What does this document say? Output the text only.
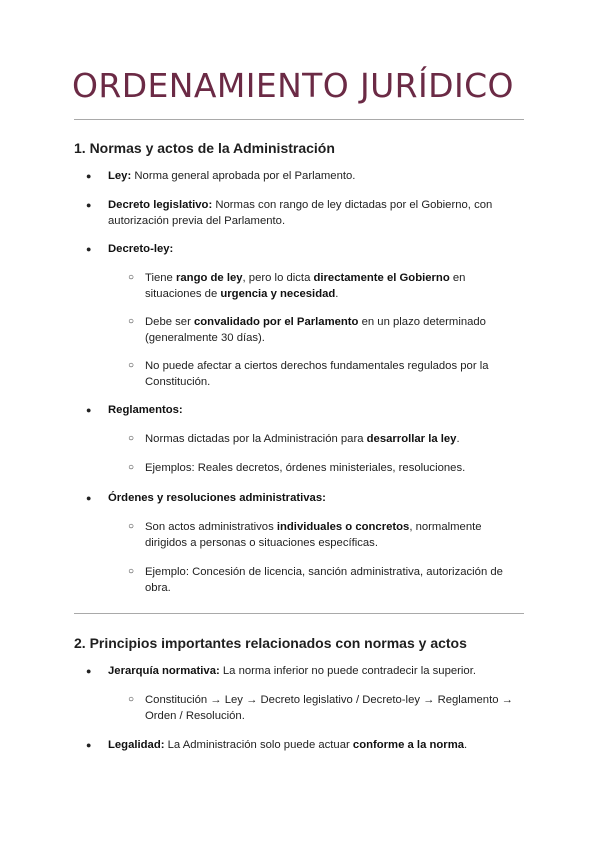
ORDENAMIENTO JURÍDICO
1. Normas y actos de la Administración
● Ley: Norma general aprobada por el Parlamento.
● Decreto legislativo: Normas con rango de ley dictadas por el Gobierno, con autorización previa del Parlamento.
● Decreto-ley:
○ Tiene rango de ley, pero lo dicta directamente el Gobierno en situaciones de urgencia y necesidad.
○ Debe ser convalidado por el Parlamento en un plazo determinado (generalmente 30 días).
○ No puede afectar a ciertos derechos fundamentales regulados por la Constitución.
● Reglamentos:
○ Normas dictadas por la Administración para desarrollar la ley.
○ Ejemplos: Reales decretos, órdenes ministeriales, resoluciones.
● Órdenes y resoluciones administrativas:
○ Son actos administrativos individuales o concretos, normalmente dirigidos a personas o situaciones específicas.
○ Ejemplo: Concesión de licencia, sanción administrativa, autorización de obra.
2. Principios importantes relacionados con normas y actos
● Jerarquía normativa: La norma inferior no puede contradecir la superior.
○ Constitución → Ley → Decreto legislativo / Decreto-ley → Reglamento → Orden / Resolución.
● Legalidad: La Administración solo puede actuar conforme a la norma.
